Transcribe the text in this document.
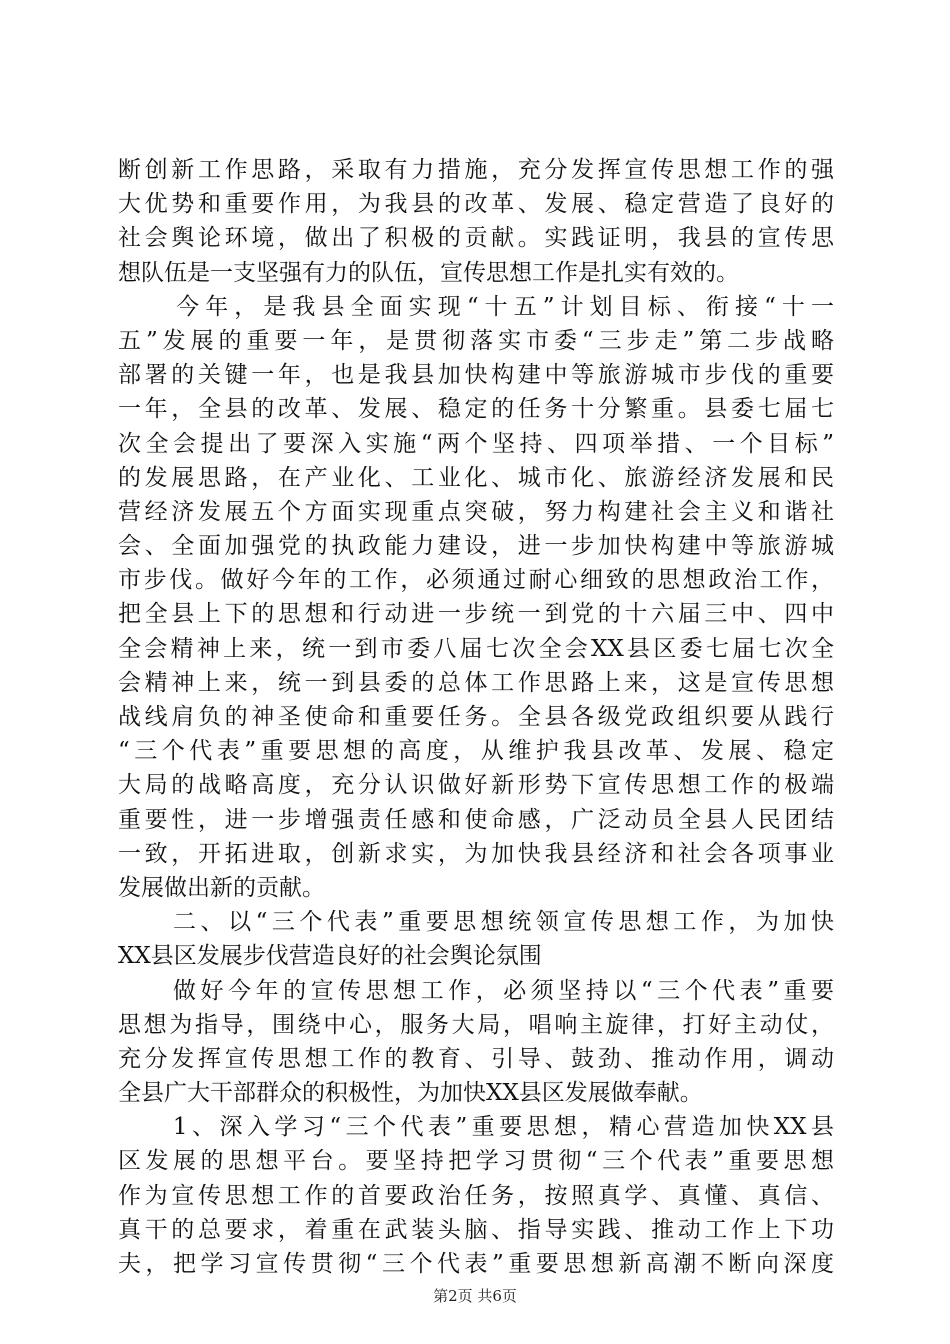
断创新工作思路，采取有力措施，充分发挥宣传思想工作的强
大优势和重要作用，为我县的改革、发展、稳定营造了良好的
社会舆论环境，做出了积极的贡献。实践证明，我县的宣传思
想队伍是一支坚强有力的队伍，宣传思想工作是扎实有效的。
　　今年，是我县全面实现“十五”计划目标、衔接“十一
五”发展的重要一年，是贯彻落实市委“三步走”第二步战略
部署的关键一年，也是我县加快构建中等旅游城市步伐的重要
一年，全县的改革、发展、稳定的任务十分繁重。县委七届七
次全会提出了要深入实施“两个坚持、四项举措、一个目标”
的发展思路，在产业化、工业化、城市化、旅游经济发展和民
营经济发展五个方面实现重点突破，努力构建社会主义和谐社
会、全面加强党的执政能力建设，进一步加快构建中等旅游城
市步伐。做好今年的工作，必须通过耐心细致的思想政治工作，
把全县上下的思想和行动进一步统一到党的十六届三中、四中
全会精神上来，统一到市委八届七次全会XX县区委七届七次全
会精神上来，统一到县委的总体工作思路上来，这是宣传思想
战线肩负的神圣使命和重要任务。全县各级党政组织要从践行
“三个代表”重要思想的高度，从维护我县改革、发展、稳定
大局的战略高度，充分认识做好新形势下宣传思想工作的极端
重要性，进一步增强责任感和使命感，广泛动员全县人民团结
一致，开拓进取，创新求实，为加快我县经济和社会各项事业
发展做出新的贡献。
　　二、以“三个代表”重要思想统领宣传思想工作，为加快
XX县区发展步伐营造良好的社会舆论氛围
　　做好今年的宣传思想工作，必须坚持以“三个代表”重要
思想为指导，围绕中心，服务大局，唱响主旋律，打好主动仗，
充分发挥宣传思想工作的教育、引导、鼓劲、推动作用，调动
全县广大干部群众的积极性，为加快XX县区发展做奉献。
　　1、深入学习“三个代表”重要思想，精心营造加快XX县
区发展的思想平台。要坚持把学习贯彻“三个代表”重要思想
作为宣传思想工作的首要政治任务，按照真学、真懂、真信、
真干的总要求，着重在武装头脑、指导实践、推动工作上下功
夫，把学习宣传贯彻“三个代表”重要思想新高潮不断向深度
第2页 共6页
